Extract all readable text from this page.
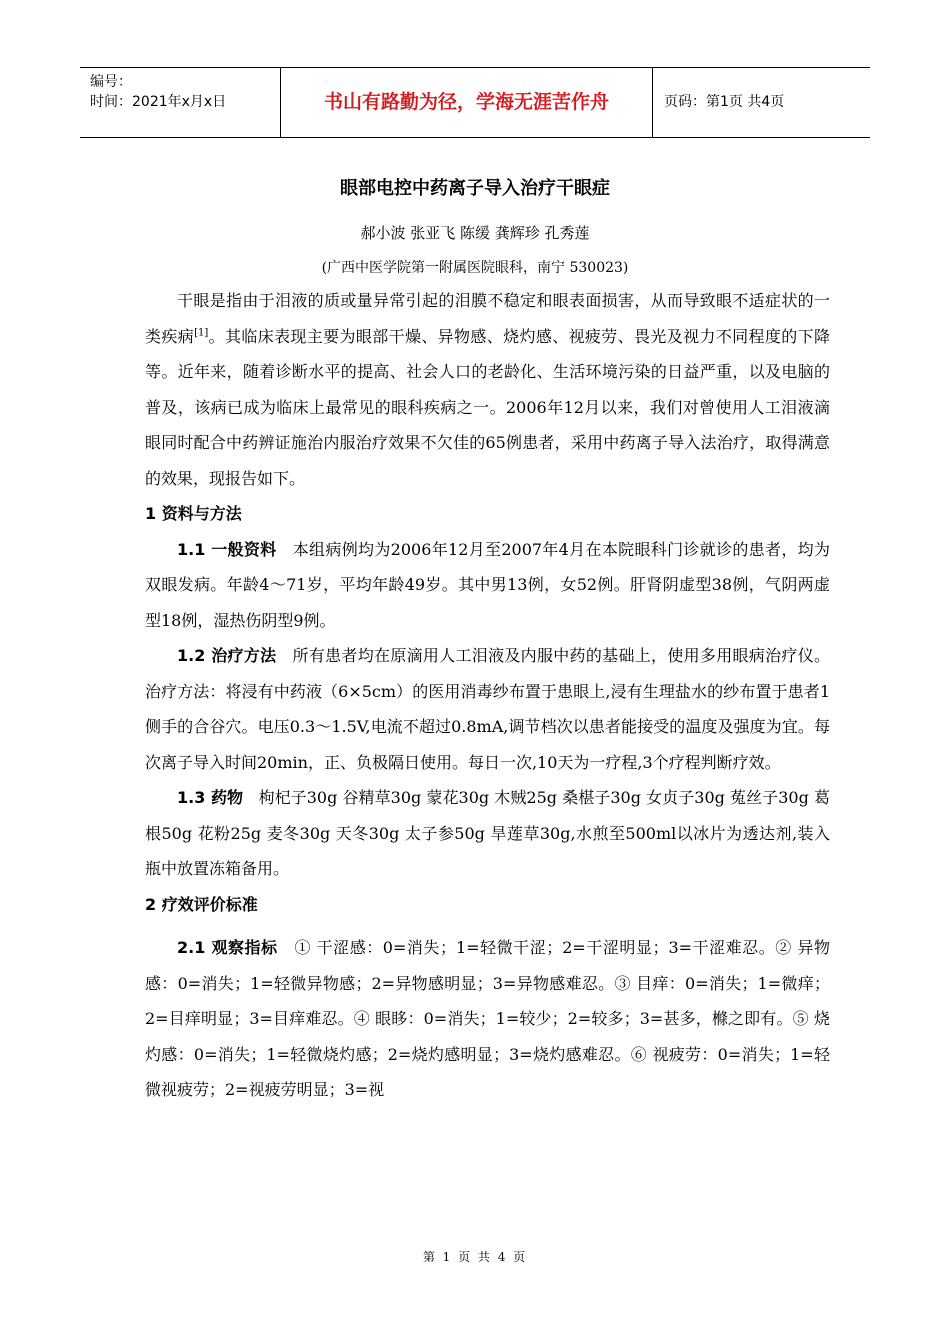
编号：
时间：2021年x月x日	书山有路勤为径，学海无涯苦作舟	页码：第1页 共4页
眼部电控中药离子导入治疗干眼症
郝小波 张亚飞 陈缓 龚辉珍 孔秀莲
(广西中医学院第一附属医院眼科，南宁 530023)

干眼是指由于泪液的质或量异常引起的泪膜不稳定和眼表面损害，从而导致眼不适症状的一类疾病[1]。其临床表现主要为眼部干燥、异物感、烧灼感、视疲劳、畏光及视力不同程度的下降等。近年来，随着诊断水平的提高、社会人口的老龄化、生活环境污染的日益严重，以及电脑的普及，该病已成为临床上最常见的眼科疾病之一。2006年12月以来，我们对曾使用人工泪液滴眼同时配合中药辨证施治内服治疗效果不欠佳的65例患者，采用中药离子导入法治疗，取得满意的效果，现报告如下。

1 资料与方法

1.1 一般资料 本组病例均为2006年12月至2007年4月在本院眼科门诊就诊的患者，均为双眼发病。年龄4～71岁，平均年龄49岁。其中男13例，女52例。肝肾阴虚型38例，气阴两虚型18例，湿热伤阴型9例。

1.2 治疗方法 所有患者均在原滴用人工泪液及内服中药的基础上，使用多用眼病治疗仪。治疗方法：将浸有中药液（6×5cm）的医用消毒纱布置于患眼上,浸有生理盐水的纱布置于患者1侧手的合谷穴。电压0.3～1.5V,电流不超过0.8mA,调节档次以患者能接受的温度及强度为宜。每次离子导入时间20min，正、负极隔日使用。每日一次,10天为一疗程,3个疗程判断疗效。

1.3 药物 枸杞子30g 谷精草30g 蒙花30g 木贼25g 桑椹子30g 女贞子30g 菟丝子30g 葛根50g 花粉25g 麦冬30g 天冬30g 太子参50g 旱莲草30g,水煎至500ml以冰片为透达剂,装入瓶中放置冻箱备用。

2 疗效评价标准

2.1 观察指标 ① 干涩感：0=消失；1=轻微干涩；2=干涩明显；3=干涩难忍。② 异物感：0=消失；1=轻微异物感；2=异物感明显；3=异物感难忍。③ 目痒：0=消失；1=微痒；2=目痒明显；3=目痒难忍。④ 眼眵：0=消失；1=较少；2=较多；3=甚多，樤之即有。⑤ 烧灼感：0=消失；1=轻微烧灼感；2=烧灼感明显；3=烧灼感难忍。⑥ 视疲劳：0=消失；1=轻微视疲劳；2=视疲劳明显；3=视

第 1 页 共 4 页
